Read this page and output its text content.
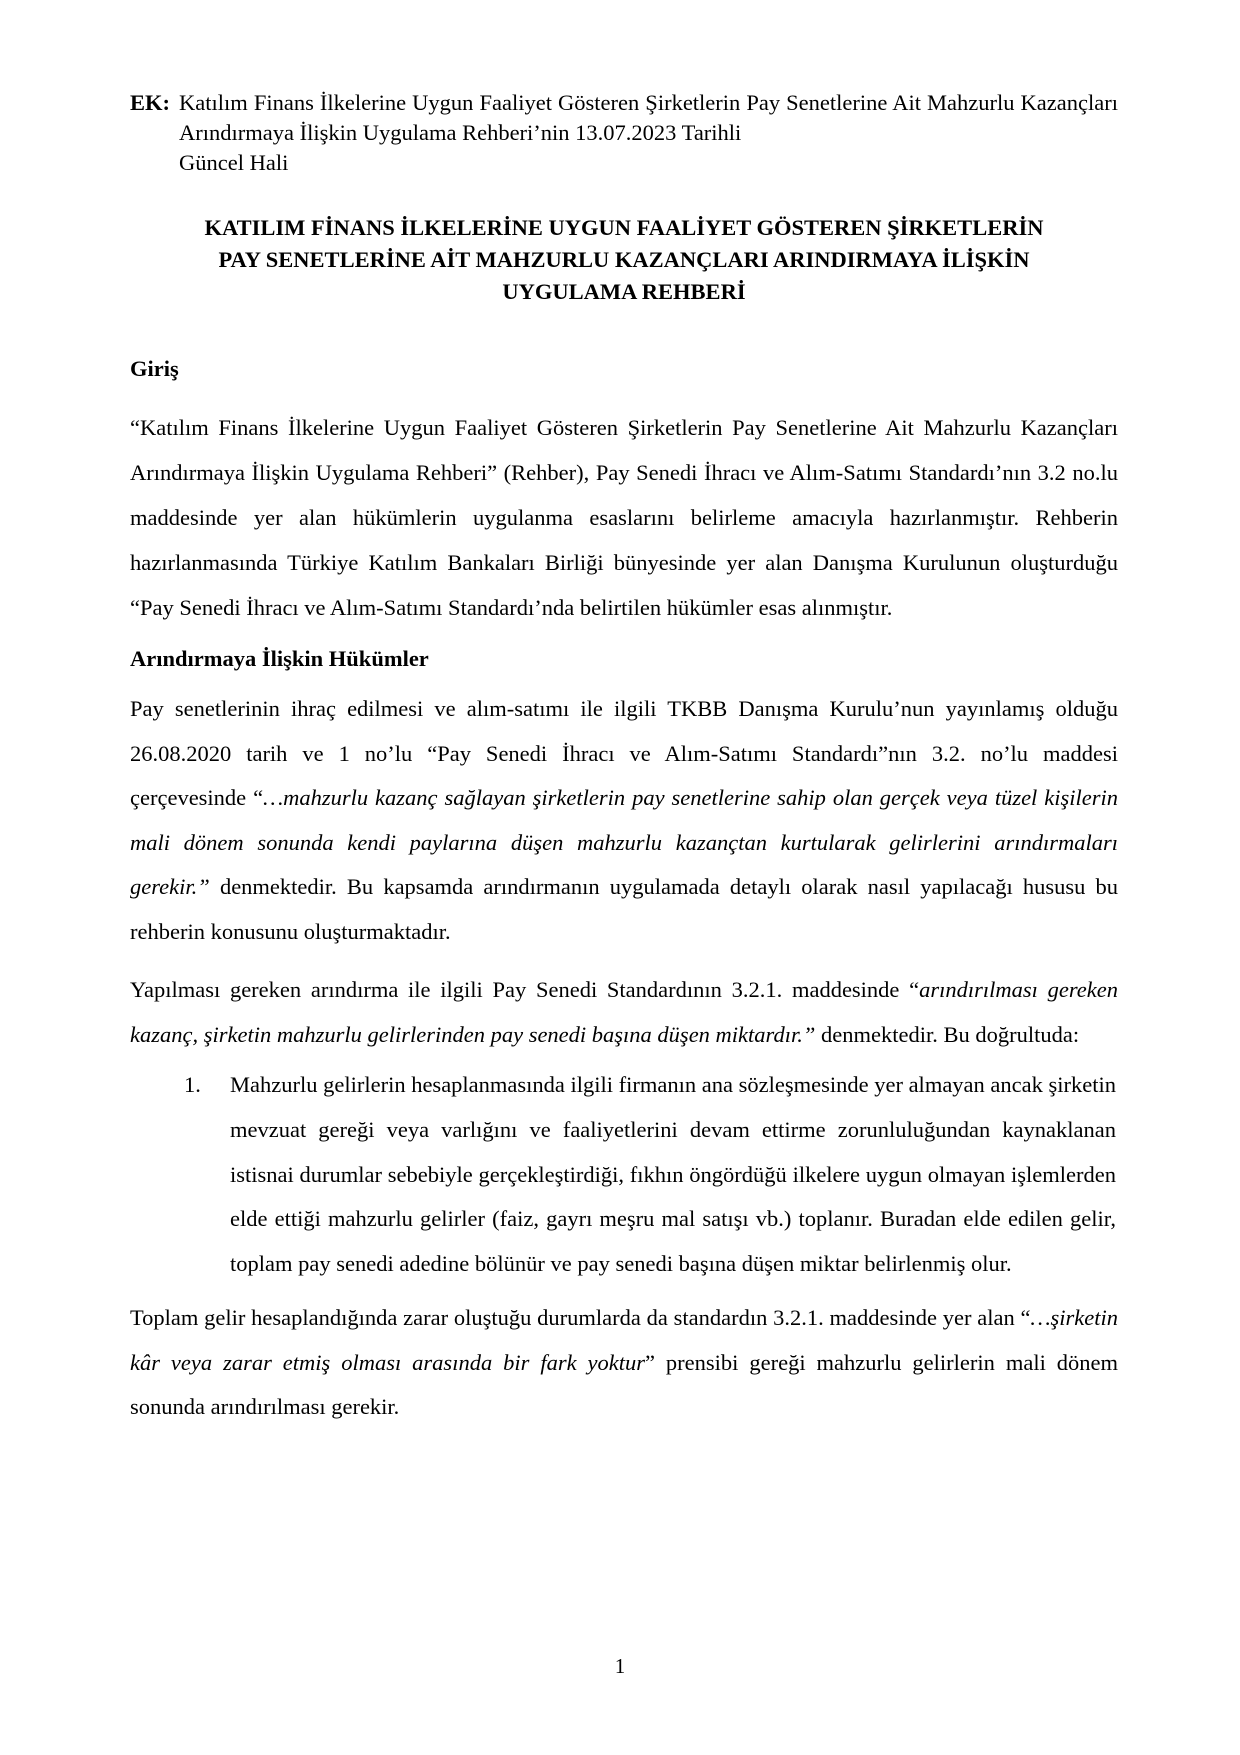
EK: Katılım Finans İlkelerine Uygun Faaliyet Gösteren Şirketlerin Pay Senetlerine Ait Mahzurlu Kazançları Arındırmaya İlişkin Uygulama Rehberi’nin 13.07.2023 Tarihli
Güncel Hali
KATILIM FİNANS İLKELERİNE UYGUN FAALİYET GÖSTEREN ŞİRKETLERİN
PAY SENETLERİNE AİT MAHZURLU KAZANÇLARI ARINDIRMAYA İLİŞKİN
UYGULAMA REHBERİ
Giriş

“Katılım Finans İlkelerine Uygun Faaliyet Gösteren Şirketlerin Pay Senetlerine Ait Mahzurlu Kazançları Arındırmaya İlişkin Uygulama Rehberi” (Rehber), Pay Senedi İhracı ve Alım-Satımı Standardı’nın 3.2 no.lu maddesinde yer alan hükümlerin uygulanma esaslarını belirleme amacıyla hazırlanmıştır. Rehberin hazırlanmasında Türkiye Katılım Bankaları Birliği bünyesinde yer alan Danışma Kurulunun oluşturduğu “Pay Senedi İhracı ve Alım-Satımı Standardı’nda belirtilen hükümler esas alınmıştır.

Arındırmaya İlişkin Hükümler

Pay senetlerinin ihraç edilmesi ve alım-satımı ile ilgili TKBB Danışma Kurulu’nun yayınlamış olduğu 26.08.2020 tarih ve 1 no’lu “Pay Senedi İhracı ve Alım-Satımı Standardı”nın 3.2. no’lu maddesi çerçevesinde “…mahzurlu kazanç sağlayan şirketlerin pay senetlerine sahip olan gerçek veya tüzel kişilerin mali dönem sonunda kendi paylarına düşen mahzurlu kazançtan kurtularak gelirlerini arındırmaları gerekir.” denmektedir. Bu kapsamda arındırmanın uygulamada detaylı olarak nasıl yapılacağı hususu bu rehberin konusunu oluşturmaktadır.

Yapılması gereken arındırma ile ilgili Pay Senedi Standardının 3.2.1. maddesinde “arındırılması gereken kazanç, şirketin mahzurlu gelirlerinden pay senedi başına düşen miktardır.” denmektedir. Bu doğrultuda:

1.	Mahzurlu gelirlerin hesaplanmasında ilgili firmanın ana sözleşmesinde yer almayan ancak şirketin mevzuat gereği veya varlığını ve faaliyetlerini devam ettirme zorunluluğundan kaynaklanan istisnai durumlar sebebiyle gerçekleştirdiği, fıkhın öngördüğü ilkelere uygun olmayan işlemlerden elde ettiği mahzurlu gelirler (faiz, gayrı meşru mal satışı vb.) toplanır. Buradan elde edilen gelir, toplam pay senedi adedine bölünür ve pay senedi başına düşen miktar belirlenmiş olur.

Toplam gelir hesaplandığında zarar oluştuğu durumlarda da standardın 3.2.1. maddesinde yer alan “…şirketin kâr veya zarar etmiş olması arasında bir fark yoktur” prensibi gereği mahzurlu gelirlerin mali dönem sonunda arındırılması gerekir.

1
